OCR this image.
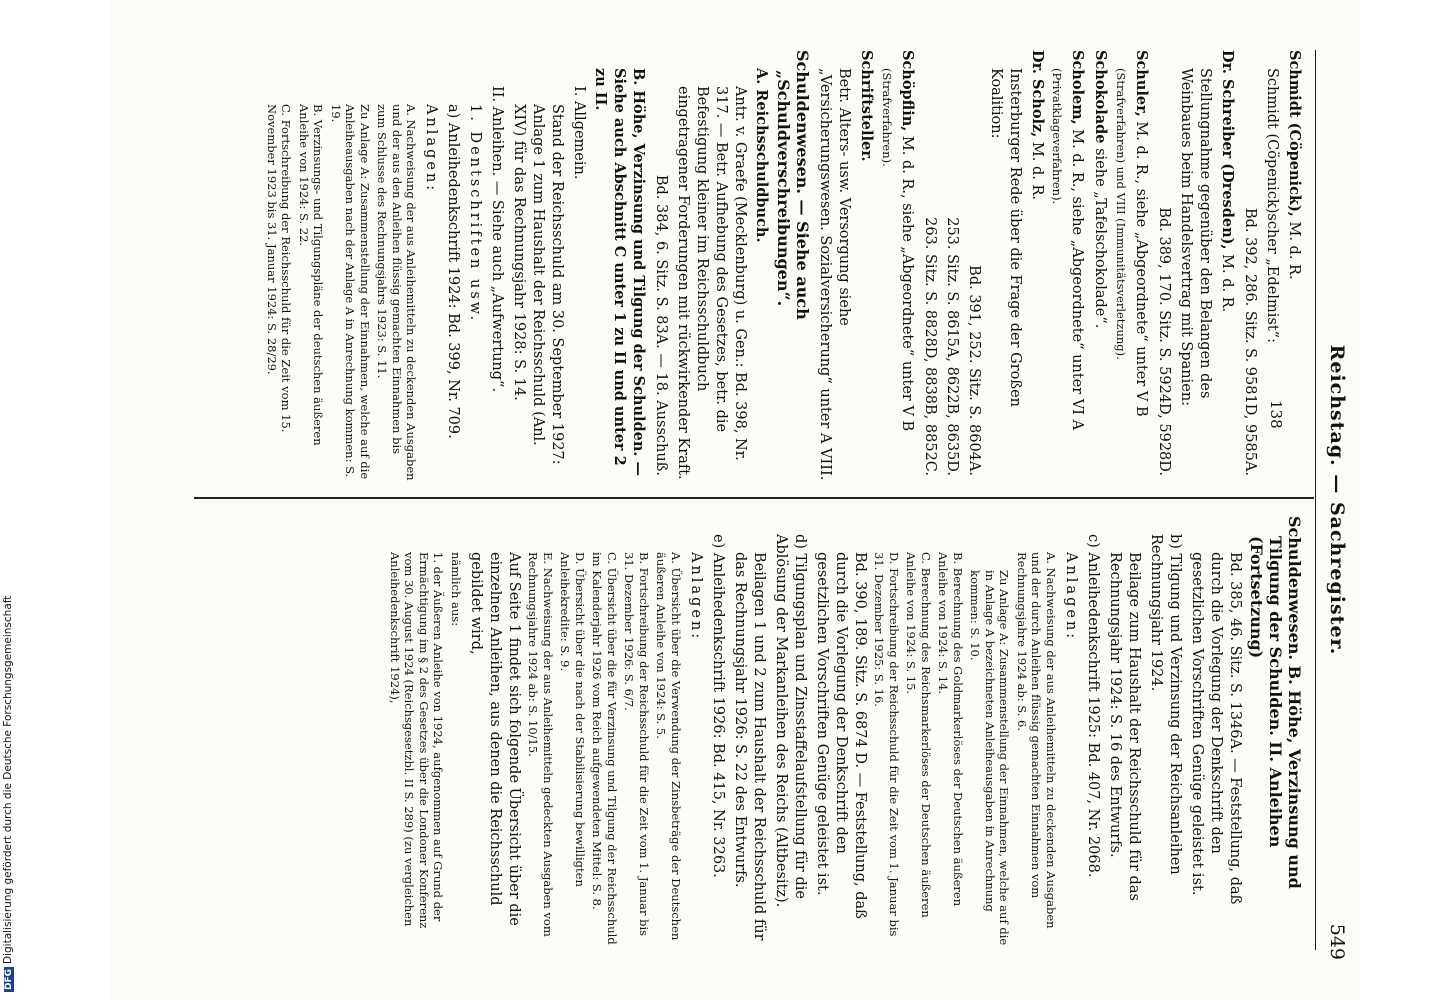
DFGDigitalisierung gefördert durch die Deutsche Forschungsgemeinschaft
138 Reichstag. — Sachregister.
549

Schmidt (Cöpenick), M. d. R.

Schmidt (Cöpenick)scher „Edelmist“:

Bd. 392, 286. Sitz. S. 9581D, 9585A.

Dr. Schreiber (Dresden), M. d. R.

Stellungnahme gegenüber den Belangen des Weinbaues beim Handelsvertrag mit Spanien:

Bd. 389, 170. Sitz. S. 5924D, 5928D.

Schuler, M. d. R., siehe „Abgeordnete“ unter V B

(Strafverfahren) und VIII (Immunitätsverletzung).

Schokolade siehe „Tafelschokolade“.

Scholem, M. d. R., siehe „Abgeordnete“ unter VI A

(Privatklageverfahren).

Dr. Scholz, M. d. R.

Insterburger Rede über die Frage der Großen Koalition:

Bd. 391, 252. Sitz. S. 8604A.

253. Sitz. S. 8615A, 8622B, 8635D.

263. Sitz. S. 8828D, 8838B, 8852C.

Schöpflin, M. d. R., siehe „Abgeordnete“ unter V B

(Strafverfahren).

Schriftsteller.

Betr. Alters- usw. Versorgung siehe „Versicherungswesen. Sozialversicherung“ unter A VIII.

Schuldenwesen. — Siehe auch „Schuldverschreibungen“.

A. Reichsschuldbuch.

Antr. v. Graefe (Mecklenburg) u. Gen.: Bd. 398, Nr. 317. — Betr. Aufhebung des Gesetzes, betr. die Befestigung kleiner im Reichsschuldbuch eingetragener Forderungen mit rückwirkender Kraft.

Bd. 384, 6. Sitz. S. 83A. — 18. Ausschuß.

B. Höhe, Verzinsung und Tilgung der Schulden. — Siehe auch Abschnitt C unter 1 zu II und unter 2 zu II.

I. Allgemein.

Stand der Reichsschuld am 30. September 1927: Anlage 1 zum Haushalt der Reichsschuld (Anl. XIV) für das Rechnungsjahr 1928: S. 14.

II. Anleihen. — Siehe auch „Aufwertung“.

1. Dentschriften usw.

a) Anleihedenkschrift 1924: Bd. 399, Nr. 709.

Anlagen:

A. Nachweisung der aus Anleihemitteln zu deckenden Ausgaben und der aus den Anleihen flüssig gemachten Einnahmen bis zum Schlusse des Rechnungsjahrs 1923: S. 11.

Zu Anlage A: Zusammenstellung der Einnahmen, welche auf die Anleiheausgaben nach der Anlage A in Anrechnung kommen: S. 19.

B. Verzinsungs- und Tilgungspläne der deutschen äußeren Anleihe von 1924: S. 22.

C. Fortschreibung der Reichsschuld für die Zeit vom 15. November 1923 bis 31. Januar 1924: S. 28/29.

Schuldenwesen. B. Höhe, Verzinsung und Tilgung der Schulden. II. Anleihen (Fortsetzung)

Bd. 385, 46. Sitz. S. 1346A. — Feststellung, daß durch die Vorlegung der Denkschrift den gesetzlichen Vorschriften Genüge geleistet ist.

b) Tilgung und Verzinsung der Reichsanleihen Rechnungsjahr 1924.

Beilage zum Haushalt der Reichsschuld für das Rechnungsjahr 1924: S. 16 des Entwurfs.

c) Anleihedenkschrift 1925: Bd. 407, Nr. 2068.

Anlagen:

A. Nachweisung der aus Anleihemitteln zu deckenden Ausgaben und der durch Anleihen flüssig gemachten Einnahmen vom Rechnungsjahre 1924 ab: S. 6.

Zu Anlage A: Zusammenstellung der Einnahmen, welche auf die in Anlage A bezeichneten Anleiheausgaben in Anrechnung kommen: S. 10.

B. Berechnung des Goldmarkerlöses der Deutschen äußeren Anleihe von 1924: S. 14.

C. Berechnung des Reichsmarkerlöses der Deutschen äußeren Anleihe von 1924: S. 15.

D. Fortschreibung der Reichsschuld für die Zeit vom 1. Januar bis 31. Dezember 1925: S. 16.

Bd. 390, 189. Sitz. S. 6874 D. — Feststellung, daß durch die Vorlegung der Denkschrift den gesetzlichen Vorschriften Genüge geleistet ist.

d) Tilgungsplan und Zinsstaffelaufstellung für die Ablösung der Markanleihen des Reichs (Altbesitz).

Beilagen 1 und 2 zum Haushalt der Reichsschuld für das Rechnungsjahr 1926: S. 22 des Entwurfs.

e) Anleihedenkschrift 1926: Bd. 415, Nr. 3263.

Anlagen:

A. Übersicht über die Verwendung der Zinsbeträge der Deutschen äußeren Anleihe von 1924: S. 5.

B. Fortschreibung der Reichsschuld für die Zeit vom 1. Januar bis 31. Dezember 1926: S. 6/7.

C. Übersicht über die für Verzinsung und Tilgung der Reichsschuld im Kalenderjahr 1926 vom Reich aufgewendeten Mittel: S. 8.

D. Übersicht über die nach der Stabilisierung bewilligten Anleihekredite: S. 9.

E. Nachweisung der aus Anleihemitteln gedeckten Ausgaben vom Rechnungsjahre 1924 ab: S. 10/15.

Auf Seite 1 findet sich folgende Übersicht über die einzelnen Anleihen, aus denen die Reichsschuld gebildet wird,

nämlich aus:

1. der Äußeren Anleihe von 1924, aufgenommen auf Grund der Ermächtigung im § 2 des Gesetzes über die Londoner Konferenz vom 30. August 1924 (Reichsgesetzbl. II S. 289) (zu vergleichen Anleihedenkschrift 1924),
